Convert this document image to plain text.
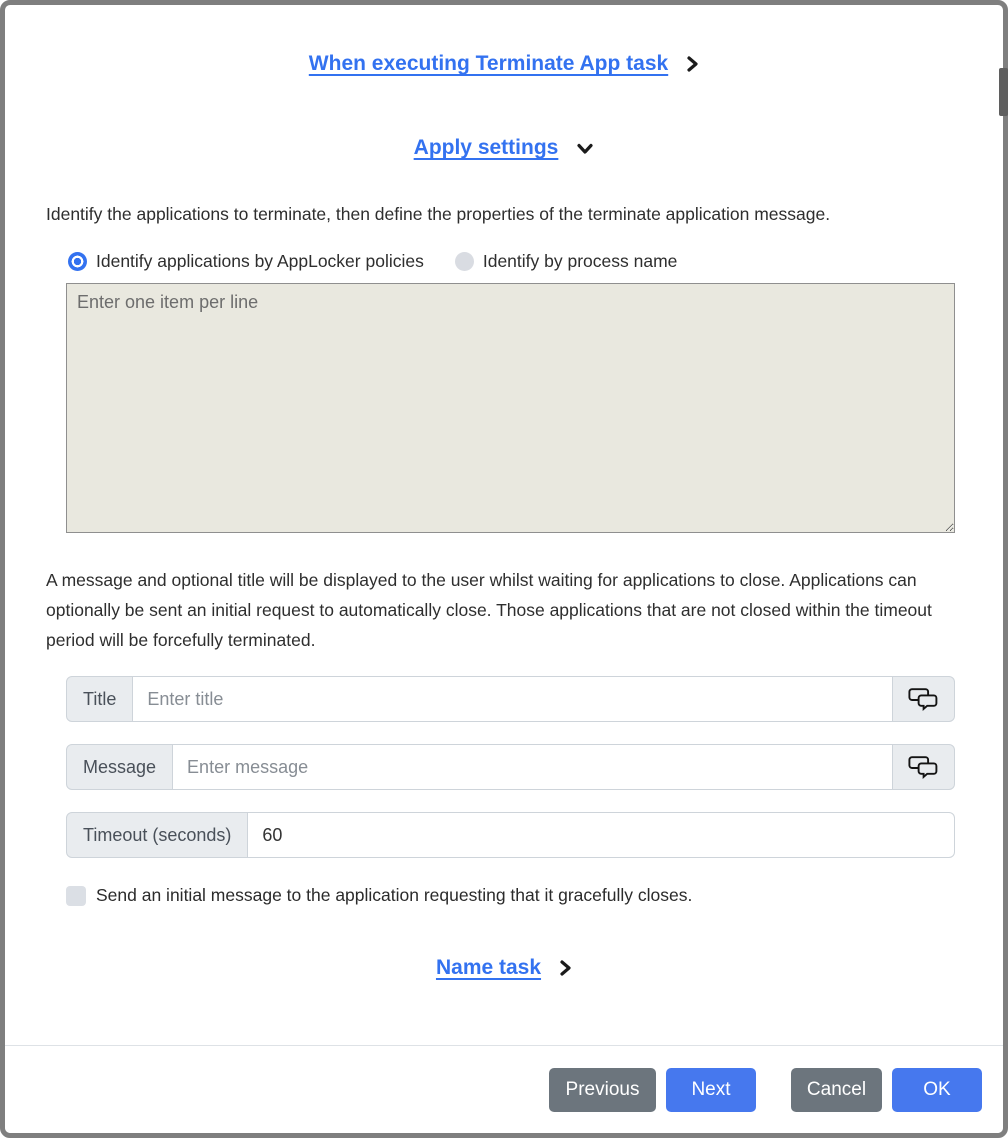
When executing Terminate App task
Apply settings

Identify the applications to terminate, then define the properties of the terminate application message.

Identify applications by AppLocker policies	Identify by process name
Enter one item per line

A message and optional title will be displayed to the user whilst waiting for applications to close. Applications can optionally be sent an initial request to automatically close. Those applications that are not closed within the timeout period will be forcefully terminated.

Title
Enter title
Message
Enter message
Timeout (seconds)
60
Send an initial message to the application requesting that it gracefully closes.
Name task
Previous	Next	Cancel	OK
